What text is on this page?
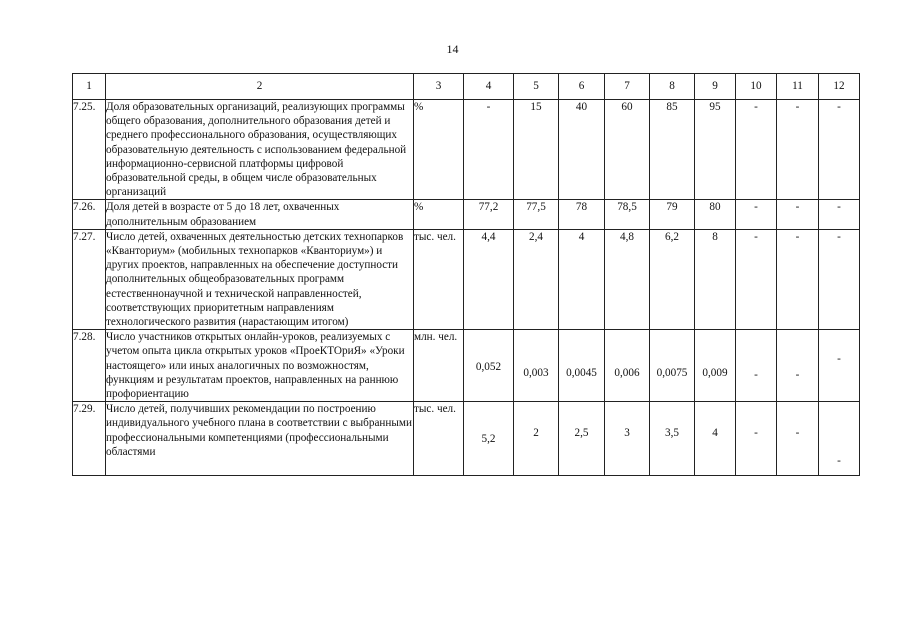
14
1	2	3	4	5	6	7	8	9	10	11	12
7.25.	Доля образовательных организаций, реализующих программы общего образования, дополнительного образования детей и среднего профессионального образования, осуществляющих образовательную деятельность с использованием федеральной информационно-сервисной платформы цифровой образовательной среды, в общем числе образовательных организаций	%	-	15	40	60	85	95	-	-	-
7.26.	Доля детей в возрасте от 5 до 18 лет, охваченных дополнительным образованием	%	77,2	77,5	78	78,5	79	80	-	-	-
7.27.	Число детей, охваченных деятельностью детских технопарков «Кванториум» (мобильных технопарков «Кванториум») и других проектов, направленных на обеспечение доступности дополнительных общеобразовательных программ естественнонаучной и технической направленностей, соответствующих приоритетным направлениям технологического развития (нарастающим итогом)	тыс. чел.	4,4	2,4	4	4,8	6,2	8	-	-	-
7.28.	Число участников открытых онлайн-уроков, реализуемых с учетом опыта цикла открытых уроков «ПроеКТОриЯ» «Уроки настоящего» или иных аналогичных по возможностям, функциям и результатам проектов, направленных на раннюю профориентацию	млн. чел.	0,052	0,003	0,0045	0,006	0,0075	0,009	-	-	-
7.29.	Число детей, получивших рекомендации по построению индивидуального учебного плана в соответствии с выбранными профессиональными компетенциями (профессиональными областями	тыс. чел.	5,2	2	2,5	3	3,5	4	-	-	-
